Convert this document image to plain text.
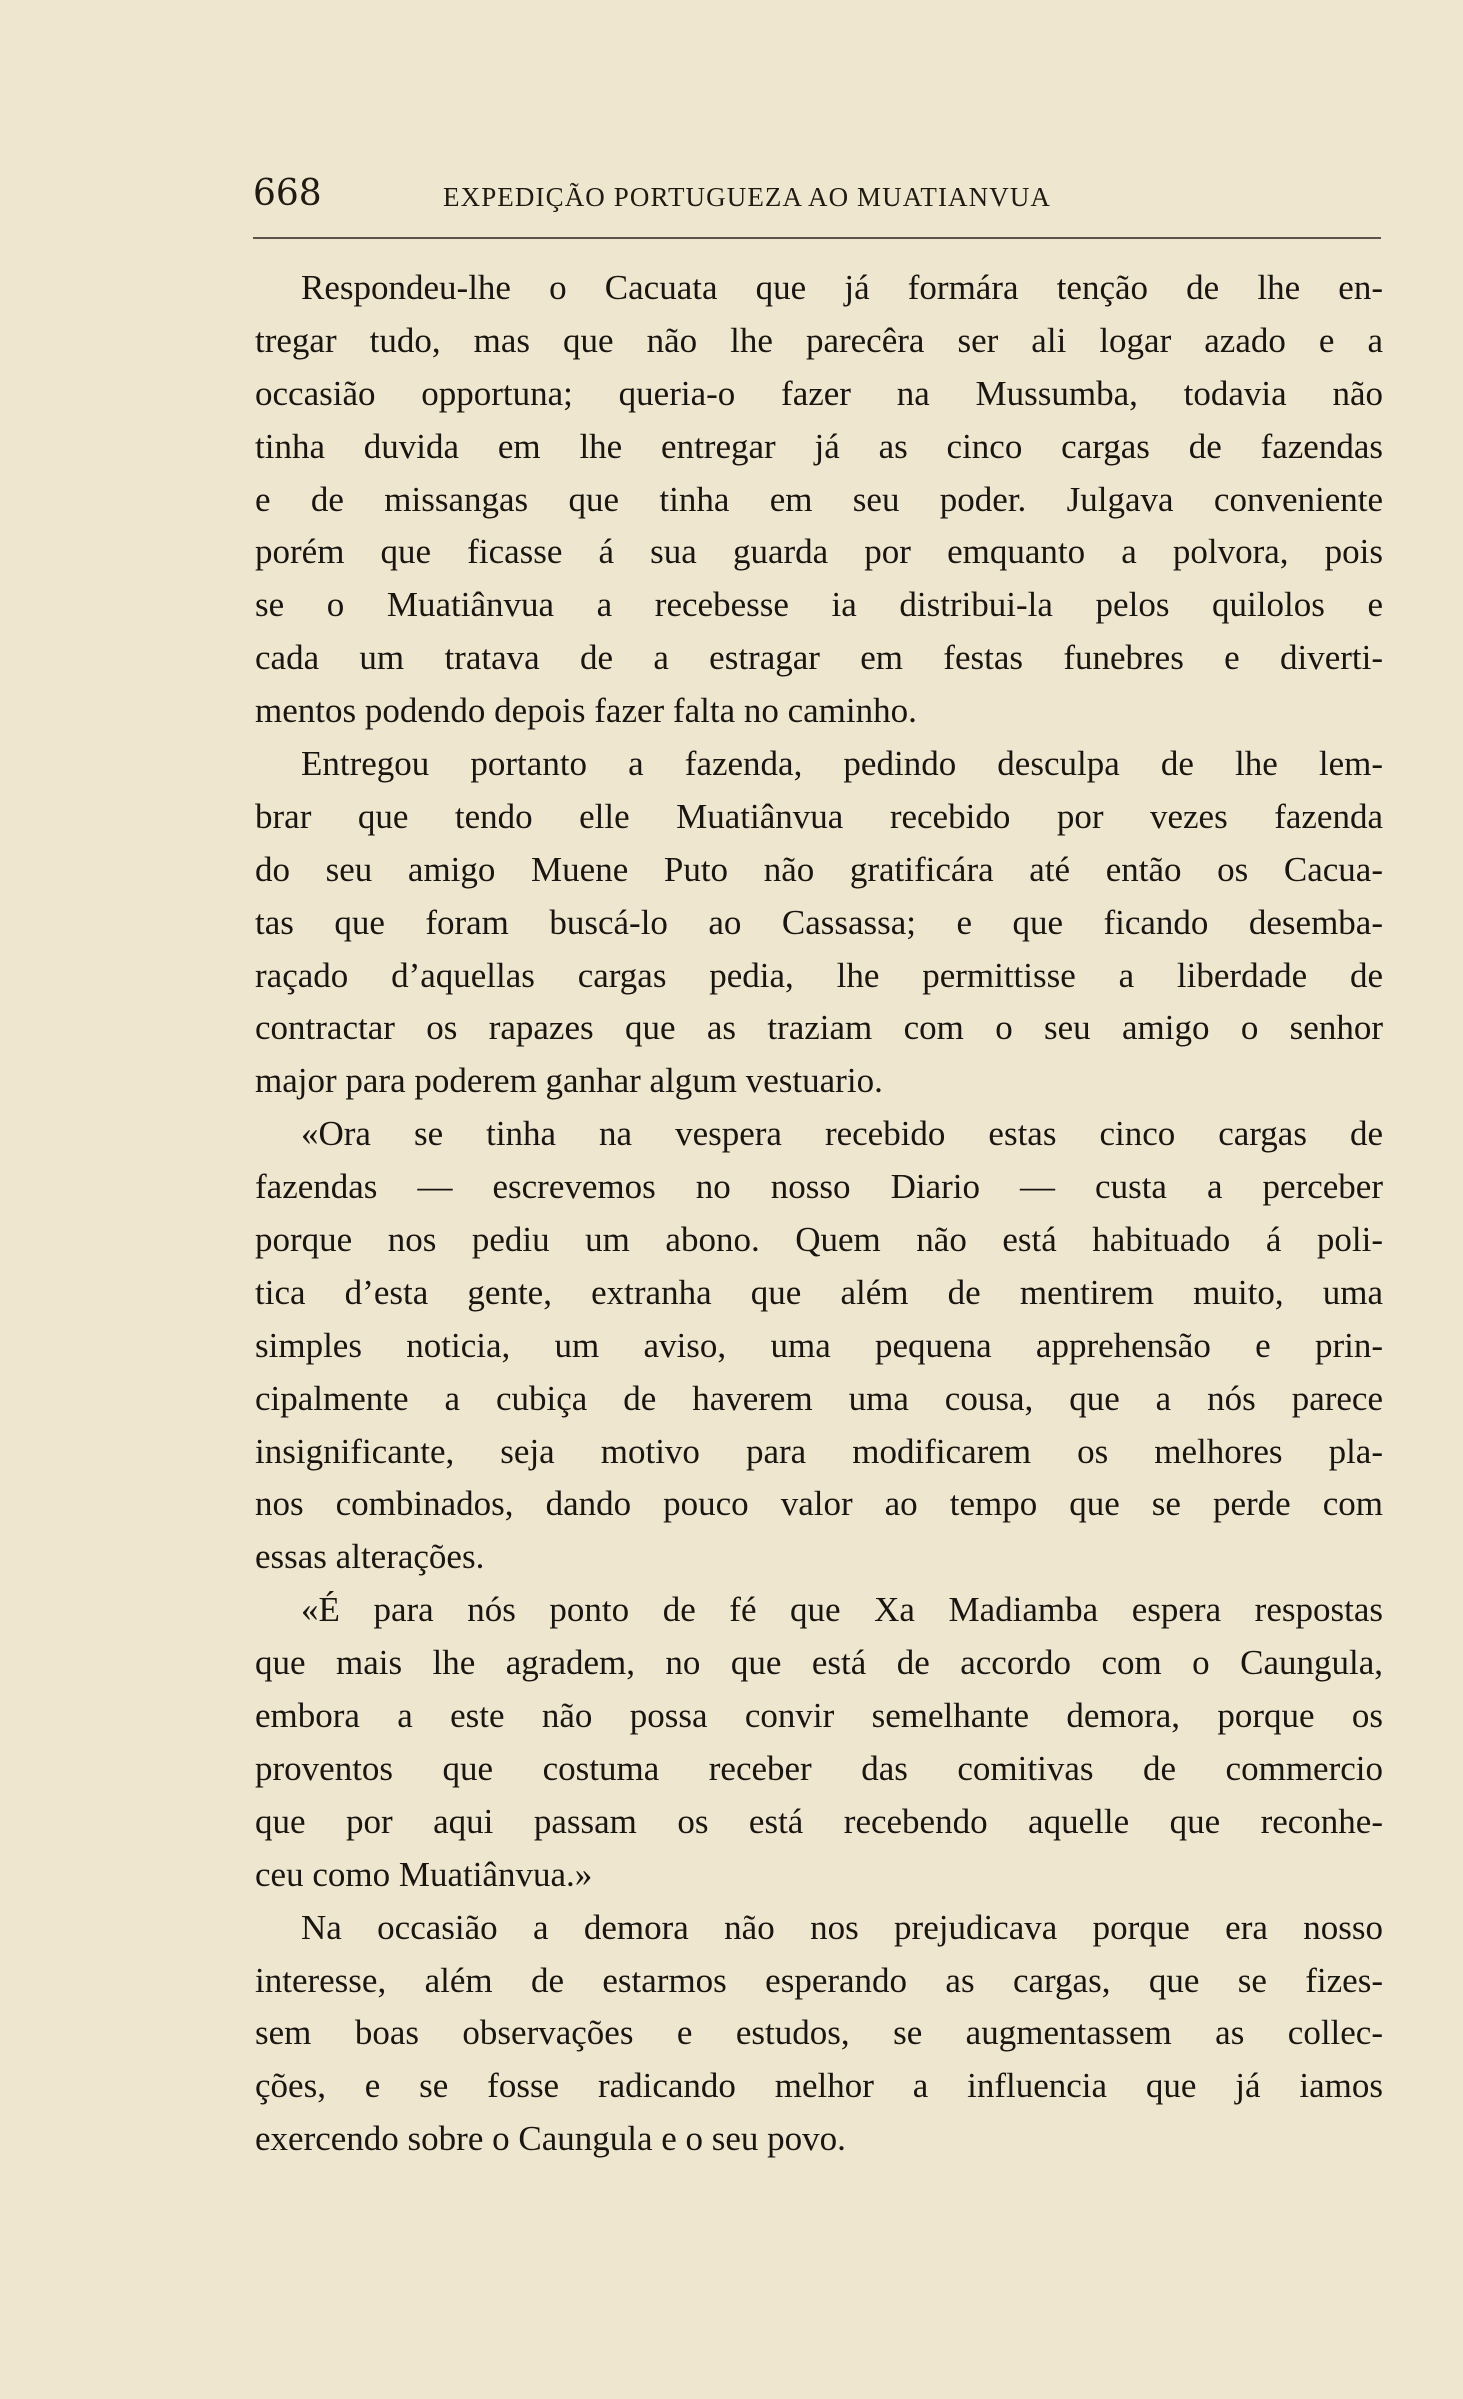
668	EXPEDIÇÃO PORTUGUEZA AO MUATIANVUA
Respondeu-lhe o Cacuata que já formára tenção de lhe en-
tregar tudo, mas que não lhe parecêra ser ali logar azado e a
occasião opportuna; queria-o fazer na Mussumba, todavia não
tinha duvida em lhe entregar já as cinco cargas de fazendas
e de missangas que tinha em seu poder. Julgava conveniente
porém que ficasse á sua guarda por emquanto a polvora, pois
se o Muatiânvua a recebesse ia distribui-la pelos quilolos e
cada um tratava de a estragar em festas funebres e diverti-
mentos podendo depois fazer falta no caminho.
Entregou portanto a fazenda, pedindo desculpa de lhe lem-
brar que tendo elle Muatiânvua recebido por vezes fazenda
do seu amigo Muene Puto não gratificára até então os Cacua-
tas que foram buscá-lo ao Cassassa; e que ficando desemba-
raçado d’aquellas cargas pedia, lhe permittisse a liberdade de
contractar os rapazes que as traziam com o seu amigo o senhor
major para poderem ganhar algum vestuario.
«Ora se tinha na vespera recebido estas cinco cargas de
fazendas — escrevemos no nosso Diario — custa a perceber
porque nos pediu um abono. Quem não está habituado á poli-
tica d’esta gente, extranha que além de mentirem muito, uma
simples noticia, um aviso, uma pequena apprehensão e prin-
cipalmente a cubiça de haverem uma cousa, que a nós parece
insignificante, seja motivo para modificarem os melhores pla-
nos combinados, dando pouco valor ao tempo que se perde com
essas alterações.
«É para nós ponto de fé que Xa Madiamba espera respostas
que mais lhe agradem, no que está de accordo com o Caungula,
embora a este não possa convir semelhante demora, porque os
proventos que costuma receber das comitivas de commercio
que por aqui passam os está recebendo aquelle que reconhe-
ceu como Muatiânvua.»
Na occasião a demora não nos prejudicava porque era nosso
interesse, além de estarmos esperando as cargas, que se fizes-
sem boas observações e estudos, se augmentassem as collec-
ções, e se fosse radicando melhor a influencia que já iamos
exercendo sobre o Caungula e o seu povo.
